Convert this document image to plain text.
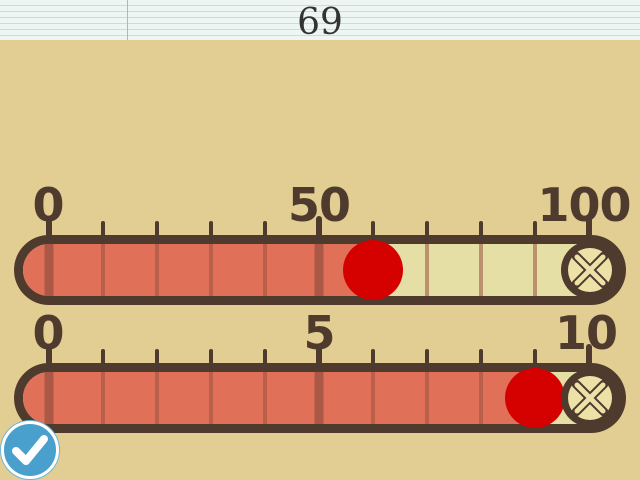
69
0	50	100
0	5	10
